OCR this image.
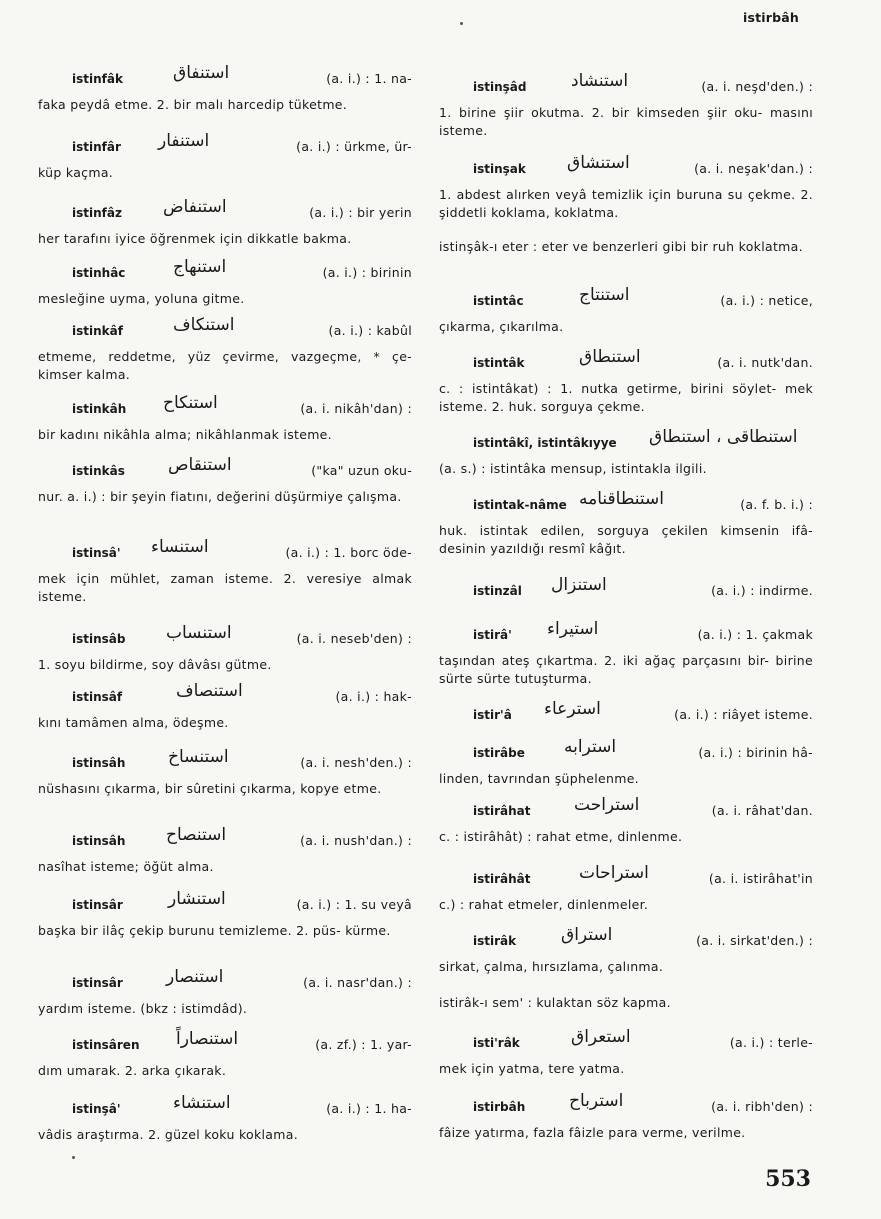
istirbâh
istinfâk	استنفاق	(a. i.) : 1. na-

faka peydâ etme. 2. bir malı harcedip tüketme.

istinfâr استنفار	(a. i.) : ürkme, ür-

küp kaçma.

istinfâz استنفاض	(a. i.) : bir yerin

her tarafını iyice öğrenmek için dikkatle bakma.

istinhâc	استنهاج	(a. i.) : birinin

mesleğine uyma, yoluna gitme.

istinkâf	استنکاف	(a. i.) : kabûl

etmeme, reddetme, yüz çevirme, vazgeçme, * çe- kimser kalma.

istinkâh استنکاح	(a. i. nikâh'dan) :

bir kadını nikâhla alma; nikâhlanmak isteme.

istinkâs	استنقاص	("ka" uzun oku-

nur. a. i.) : bir şeyin fiatını, değerini düşürmiye çalışma.

istinsâ' استنساء	(a. i.) : 1. borc öde-

mek için mühlet, zaman isteme. 2. veresiye almak isteme.

istinsâb استنساب	(a. i. neseb'den) :

1. soyu bildirme, soy dâvâsı gütme.

istinsâf	استنصاف	(a. i.) : hak-

kını tamâmen alma, ödeşme.

istinsâh	استنساخ	(a. i. nesh'den.) :

nüshasını çıkarma, bir sûretini çıkarma, kopye etme.

istinsâh استنصاح	(a. i. nush'dan.) :

nasîhat isteme; öğüt alma.

istinsâr	استنشار	(a. i.) : 1. su veyâ

başka bir ilâç çekip burunu temizleme. 2. püs- kürme.

istinsâr	استنصار	(a. i. nasr'dan.) :

yardım isteme. (bkz : istimdâd).

istinsâren استنصاراً	(a. zf.) : 1. yar-

dım umarak. 2. arka çıkarak.

istinşâ'	استنشاء	(a. i.) : 1. ha-

vâdis araştırma. 2. güzel koku koklama.

istinşâd	استنشاد	(a. i. neşd'den.) :

1. birine şiir okutma. 2. bir kimseden şiir oku- masını isteme.

istinşak استنشاق	(a. i. neşak'dan.) :

1. abdest alırken veyâ temizlik için buruna su çekme. 2. şiddetli koklama, koklatma.

istinşâk-ı eter : eter ve benzerleri gibi bir ruh koklatma.

istintâc	استنتاج	(a. i.) : netice,

çıkarma, çıkarılma.

istintâk	استنطاق	(a. i. nutk'dan.

c. : istintâkat) : 1. nutka getirme, birini söylet- mek isteme. 2. huk. sorguya çekme.

istintâkî, istintâkıyye استنطاقی ، استنطاق

(a. s.) : istintâka mensup, istintakla ilgili.

istintak-nâme استنطاقنامه	(a. f. b. i.) :

huk. istintak edilen, sorguya çekilen kimsenin ifâ- desinin yazıldığı resmî kâğıt.

istinzâl استنزال	(a. i.) : indirme.
istirâ' استیراء	(a. i.) : 1. çakmak

taşından ateş çıkartma. 2. iki ağaç parçasını bir- birine sürte sürte tutuşturma.

istir'â استرعاء	(a. i.) : riâyet isteme.
istirâbe استرابه	(a. i.) : birinin hâ-

linden, tavrından şüphelenme.

istirâhat	استراحت	(a. i. râhat'dan.

c. : istirâhât) : rahat etme, dinlenme.

istirâhât	استراحات	(a. i. istirâhat'in

c.) : rahat etmeler, dinlenmeler.

istirâk	استراق	(a. i. sirkat'den.) :

sirkat, çalma, hırsızlama, çalınma.

istirâk-ı sem' : kulaktan söz kapma.

isti'râk	استعراق	(a. i.) : terle-

mek için yatma, tere yatma.

istirbâh	استرباح	(a. i. ribh'den) :

fâize yatırma, fazla fâizle para verme, verilme.

553
